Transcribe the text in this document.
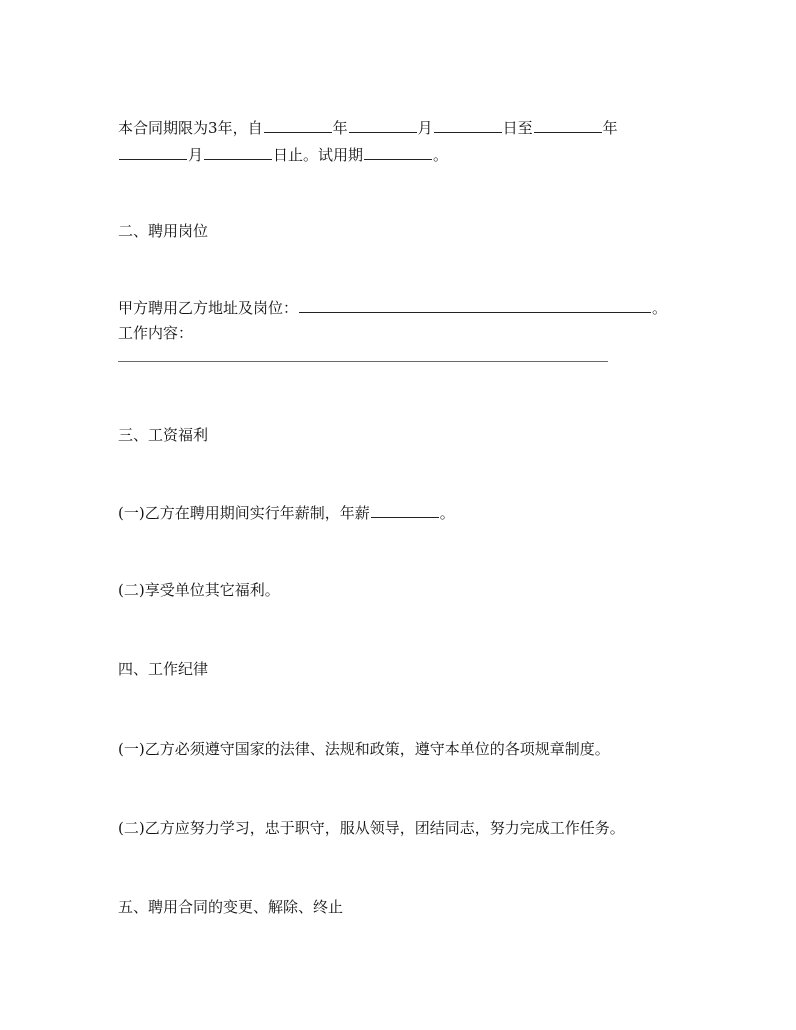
本合同期限为3年，自	年	月	日至	年
月	日止。试用期	。
二、聘用岗位
甲方聘用乙方地址及岗位：	。
工作内容：
三、工资福利
(一)乙方在聘用期间实行年薪制，年薪	。
(二)享受单位其它福利。
四、工作纪律
(一)乙方必须遵守国家的法律、法规和政策，遵守本单位的各项规章制度。
(二)乙方应努力学习，忠于职守，服从领导，团结同志，努力完成工作任务。
五、聘用合同的变更、解除、终止
